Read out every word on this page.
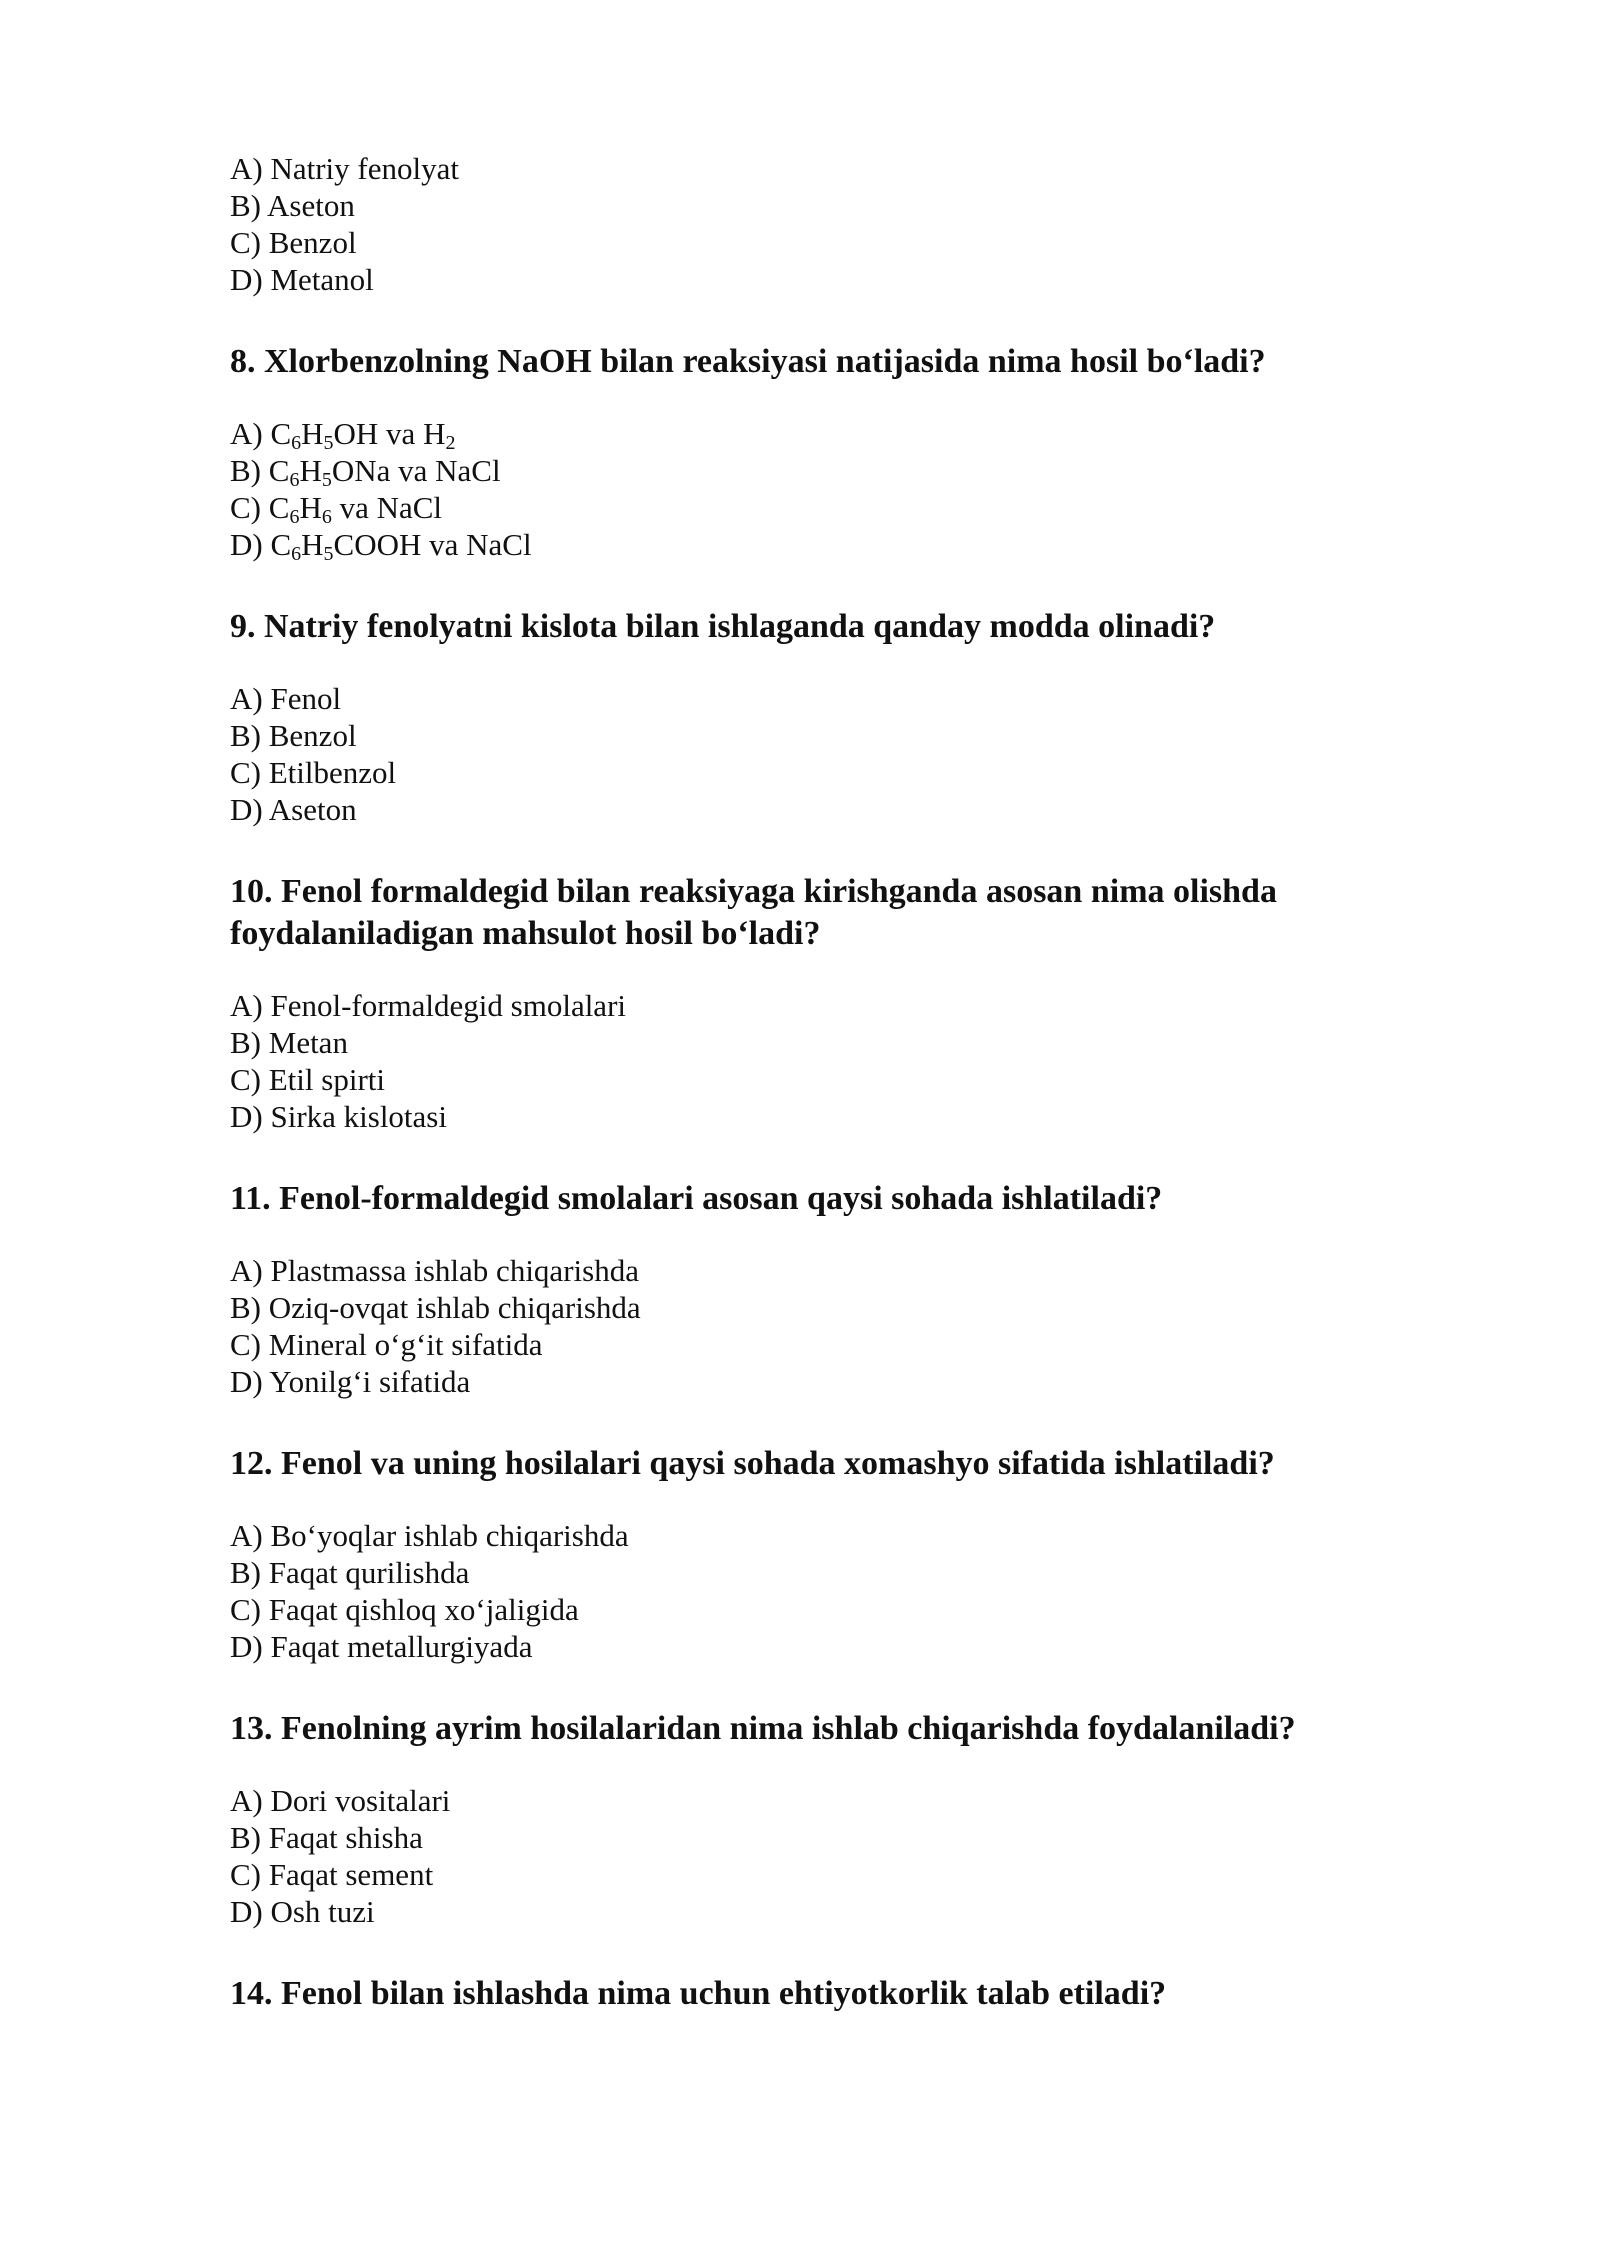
A) Natriy fenolyat
B) Aseton
C) Benzol
D) Metanol

8. Xlorbenzolning NaOH bilan reaksiyasi natijasida nima hosil bo‘ladi?

A) $C_6H_5OH$ va $H_2$
B) $C_6H_5ONa$ va NaCl
C) $C_6H_6$ va NaCl
D) $C_6H_5COOH$ va NaCl

9. Natriy fenolyatni kislota bilan ishlaganda qanday modda olinadi?

A) Fenol
B) Benzol
C) Etilbenzol
D) Aseton

10. Fenol formaldegid bilan reaksiyaga kirishganda asosan nima olishda foydalaniladigan mahsulot hosil bo‘ladi?

A) Fenol-formaldegid smolalari
B) Metan
C) Etil spirti
D) Sirka kislotasi

11. Fenol-formaldegid smolalari asosan qaysi sohada ishlatiladi?

A) Plastmassa ishlab chiqarishda
B) Oziq-ovqat ishlab chiqarishda
C) Mineral o‘g‘it sifatida
D) Yonilg‘i sifatida

12. Fenol va uning hosilalari qaysi sohada xomashyo sifatida ishlatiladi?

A) Bo‘yoqlar ishlab chiqarishda
B) Faqat qurilishda
C) Faqat qishloq xo‘jaligida
D) Faqat metallurgiyada

13. Fenolning ayrim hosilalaridan nima ishlab chiqarishda foydalaniladi?

A) Dori vositalari
B) Faqat shisha
C) Faqat sement
D) Osh tuzi

14. Fenol bilan ishlashda nima uchun ehtiyotkorlik talab etiladi?
